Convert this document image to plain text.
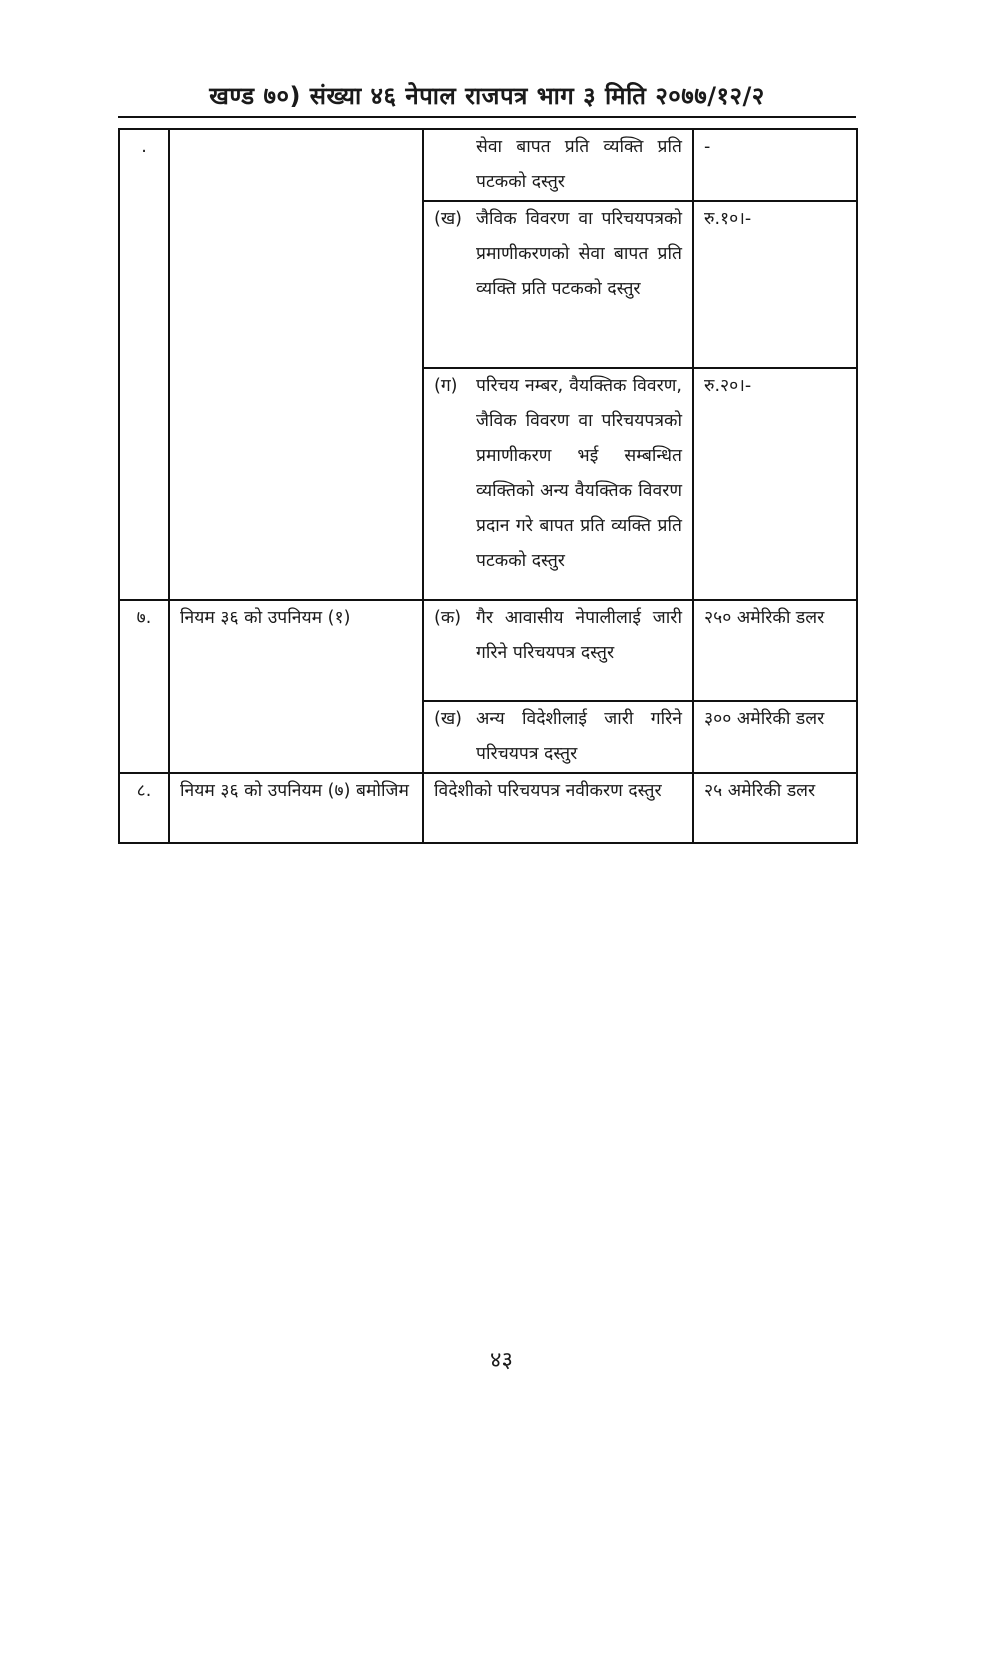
खण्ड ७०) संख्या ४६ नेपाल राजपत्र भाग ३ मिति २०७७/१२/२
.		सेवा बापत प्रति व्यक्ति प्रति पटकको दस्तुर	-

		(ख) जैविक विवरण वा परिचयपत्रको प्रमाणीकरणको सेवा बापत प्रति व्यक्ति प्रति पटकको दस्तुर	रु.१०।-

		(ग) परिचय नम्बर, वैयक्तिक विवरण, जैविक विवरण वा परिचयपत्रको प्रमाणीकरण भई सम्बन्धित व्यक्तिको अन्य वैयक्तिक विवरण प्रदान गरे बापत प्रति व्यक्ति प्रति पटकको दस्तुर	रु.२०।-
७.	नियम ३६ को उपनियम (१)	(क) गैर आवासीय नेपालीलाई जारी गरिने परिचयपत्र दस्तुर	२५० अमेरिकी डलर

		(ख) अन्य विदेशीलाई जारी गरिने परिचयपत्र दस्तुर	३०० अमेरिकी डलर
८.	नियम ३६ को उपनियम (७) बमोजिम	विदेशीको परिचयपत्र नवीकरण दस्तुर	२५ अमेरिकी डलर
४३
